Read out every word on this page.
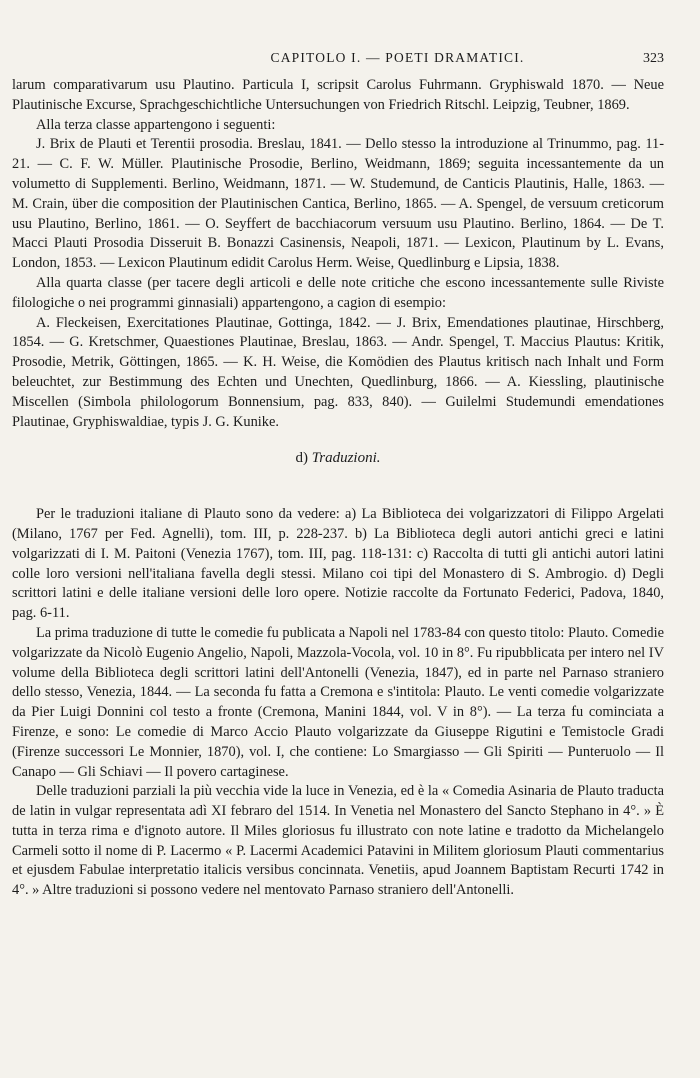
CAPITOLO I. — POETI DRAMATICI.	323

larum comparativarum usu Plautino. Particula I, scripsit Carolus Fuhrmann. Gryphiswald 1870. — Neue Plautinische Excurse, Sprachgeschichtliche Untersuchungen von Friedrich Ritschl. Leipzig, Teubner, 1869.

Alla terza classe appartengono i seguenti:

J. Brix de Plauti et Terentii prosodia. Breslau, 1841. — Dello stesso la introduzione al Trinummo, pag. 11-21. — C. F. W. Müller. Plautinische Prosodie, Berlino, Weidmann, 1869; seguita incessantemente da un volumetto di Supplementi. Berlino, Weidmann, 1871. — W. Studemund, de Canticis Plautinis, Halle, 1863. — M. Crain, über die composition der Plautinischen Cantica, Berlino, 1865. — A. Spengel, de versuum creticorum usu Plautino, Berlino, 1861. — O. Seyffert de bacchiacorum versuum usu Plautino. Berlino, 1864. — De T. Macci Plauti Prosodia Disseruit B. Bonazzi Casinensis, Neapoli, 1871. — Lexicon, Plautinum by L. Evans, London, 1853. — Lexicon Plautinum edidit Carolus Herm. Weise, Quedlinburg e Lipsia, 1838.

Alla quarta classe (per tacere degli articoli e delle note critiche che escono incessantemente sulle Riviste filologiche o nei programmi ginnasiali) appartengono, a cagion di esempio:

A. Fleckeisen, Exercitationes Plautinae, Gottinga, 1842. — J. Brix, Emendationes plautinae, Hirschberg, 1854. — G. Kretschmer, Quaestiones Plautinae, Breslau, 1863. — Andr. Spengel, T. Maccius Plautus: Kritik, Prosodie, Metrik, Göttingen, 1865. — K. H. Weise, die Komödien des Plautus kritisch nach Inhalt und Form beleuchtet, zur Bestimmung des Echten und Unechten, Quedlinburg, 1866. — A. Kiessling, plautinische Miscellen (Simbola philologorum Bonnensium, pag. 833, 840). — Guilelmi Studemundi emendationes Plautinae, Gryphiswaldiae, typis J. G. Kunike.

d) Traduzioni.

Per le traduzioni italiane di Plauto sono da vedere: a) La Biblioteca dei volgarizzatori di Filippo Argelati (Milano, 1767 per Fed. Agnelli), tom. III, p. 228-237. b) La Biblioteca degli autori antichi greci e latini volgarizzati di I. M. Paitoni (Venezia 1767), tom. III, pag. 118-131: c) Raccolta di tutti gli antichi autori latini colle loro versioni nell'italiana favella degli stessi. Milano coi tipi del Monastero di S. Ambrogio. d) Degli scrittori latini e delle italiane versioni delle loro opere. Notizie raccolte da Fortunato Federici, Padova, 1840, pag. 6-11.

La prima traduzione di tutte le comedie fu publicata a Napoli nel 1783-84 con questo titolo: Plauto. Comedie volgarizzate da Nicolò Eugenio Angelio, Napoli, Mazzola-Vocola, vol. 10 in 8°. Fu ripubblicata per intero nel IV volume della Biblioteca degli scrittori latini dell'Antonelli (Venezia, 1847), ed in parte nel Parnaso straniero dello stesso, Venezia, 1844. — La seconda fu fatta a Cremona e s'intitola: Plauto. Le venti comedie volgarizzate da Pier Luigi Donnini col testo a fronte (Cremona, Manini 1844, vol. V in 8°). — La terza fu cominciata a Firenze, e sono: Le comedie di Marco Accio Plauto volgarizzate da Giuseppe Rigutini e Temistocle Gradi (Firenze successori Le Monnier, 1870), vol. I, che contiene: Lo Smargiasso — Gli Spiriti — Punteruolo — Il Canapo — Gli Schiavi — Il povero cartaginese.

Delle traduzioni parziali la più vecchia vide la luce in Venezia, ed è la « Comedia Asinaria de Plauto traducta de latin in vulgar representata adì XI febraro del 1514. In Venetia nel Monastero del Sancto Stephano in 4°. » È tutta in terza rima e d'ignoto autore. Il Miles gloriosus fu illustrato con note latine e tradotto da Michelangelo Carmeli sotto il nome di P. Lacermo « P. Lacermi Academici Patavini in Militem gloriosum Plauti commentarius et ejusdem Fabulae interpretatio italicis versibus concinnata. Venetiis, apud Joannem Baptistam Recurti 1742 in 4°. » Altre traduzioni si possono vedere nel mentovato Parnaso straniero dell'Antonelli.
